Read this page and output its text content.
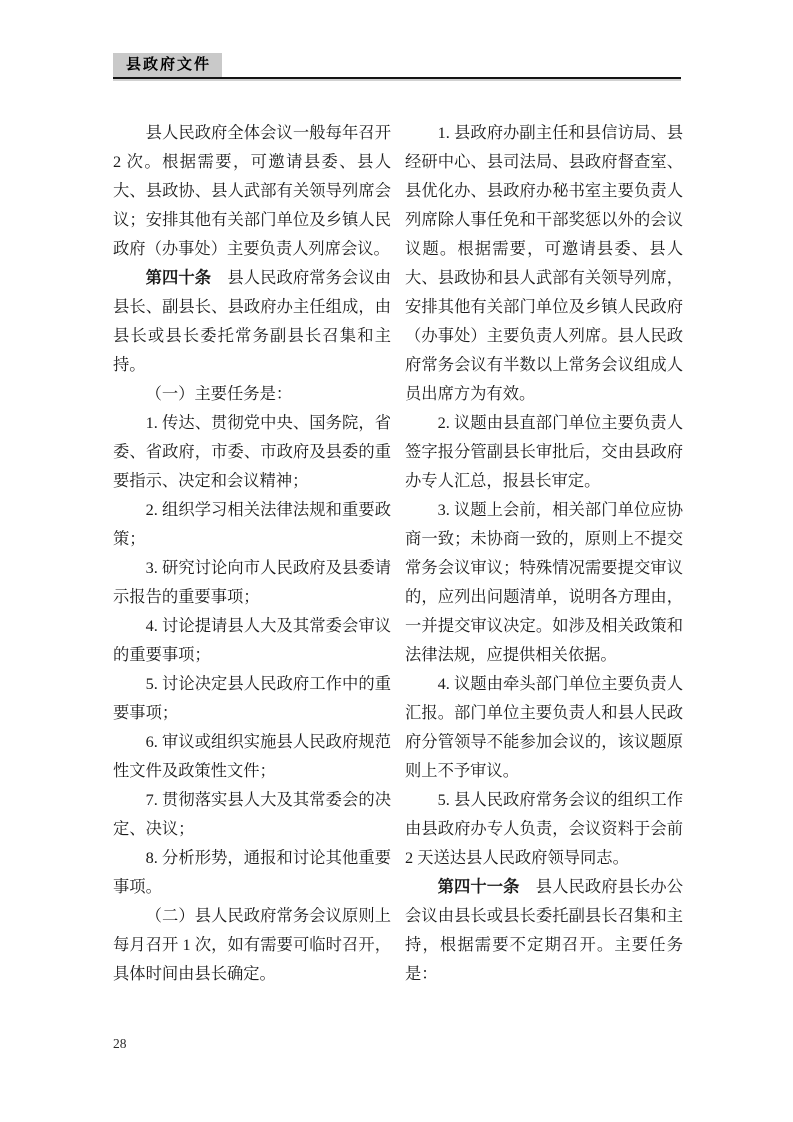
县政府文件

县人民政府全体会议一般每年召开 2 次。根据需要，可邀请县委、县人大、县政协、县人武部有关领导列席会议；安排其他有关部门单位及乡镇人民政府（办事处）主要负责人列席会议。

第四十条 县人民政府常务会议由县长、副县长、县政府办主任组成，由县长或县长委托常务副县长召集和主持。

（一）主要任务是：

1. 传达、贯彻党中央、国务院，省委、省政府，市委、市政府及县委的重要指示、决定和会议精神；

2. 组织学习相关法律法规和重要政策；

3. 研究讨论向市人民政府及县委请示报告的重要事项；

4. 讨论提请县人大及其常委会审议的重要事项；

5. 讨论决定县人民政府工作中的重要事项；

6. 审议或组织实施县人民政府规范性文件及政策性文件；

7. 贯彻落实县人大及其常委会的决定、决议；

8. 分析形势，通报和讨论其他重要事项。

（二）县人民政府常务会议原则上每月召开 1 次，如有需要可临时召开，具体时间由县长确定。

1. 县政府办副主任和县信访局、县经研中心、县司法局、县政府督查室、县优化办、县政府办秘书室主要负责人列席除人事任免和干部奖惩以外的会议议题。根据需要，可邀请县委、县人大、县政协和县人武部有关领导列席，安排其他有关部门单位及乡镇人民政府（办事处）主要负责人列席。县人民政府常务会议有半数以上常务会议组成人员出席方为有效。

2. 议题由县直部门单位主要负责人签字报分管副县长审批后，交由县政府办专人汇总，报县长审定。

3. 议题上会前，相关部门单位应协商一致；未协商一致的，原则上不提交常务会议审议；特殊情况需要提交审议的，应列出问题清单，说明各方理由，一并提交审议决定。如涉及相关政策和法律法规，应提供相关依据。

4. 议题由牵头部门单位主要负责人汇报。部门单位主要负责人和县人民政府分管领导不能参加会议的，该议题原则上不予审议。

5. 县人民政府常务会议的组织工作由县政府办专人负责，会议资料于会前 2 天送达县人民政府领导同志。

第四十一条 县人民政府县长办公会议由县长或县长委托副县长召集和主持，根据需要不定期召开。主要任务是：

28
